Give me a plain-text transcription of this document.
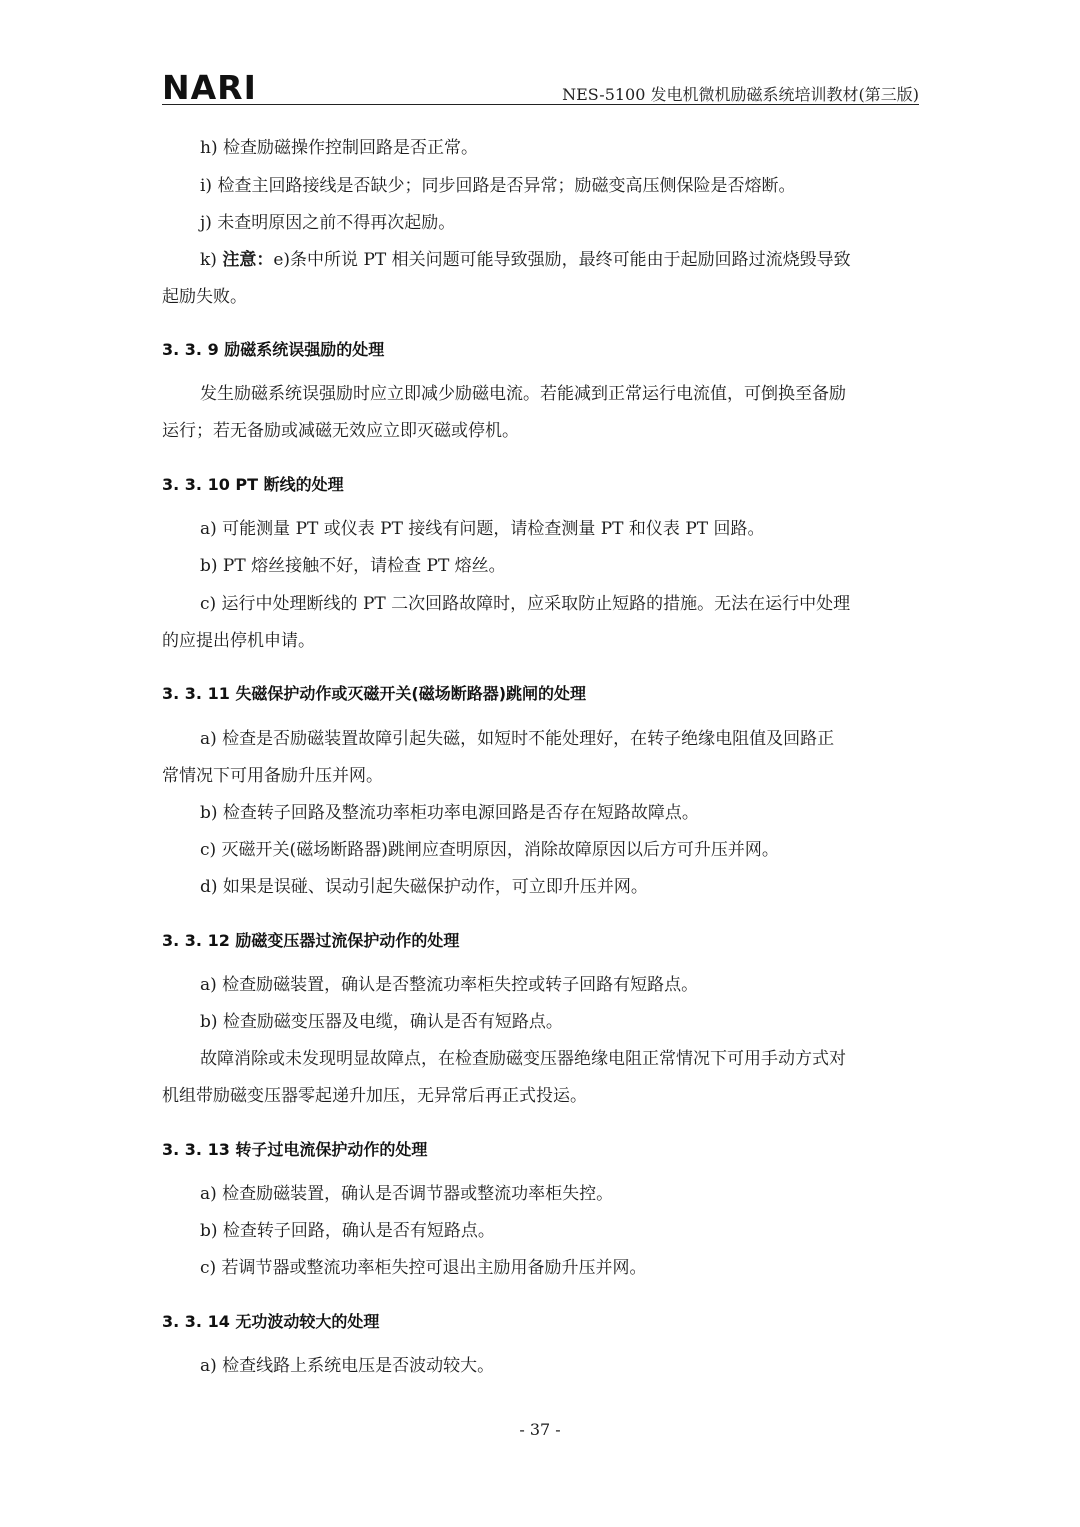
NARI	NES-5100 发电机微机励磁系统培训教材(第三版)
h) 检查励磁操作控制回路是否正常。
i) 检查主回路接线是否缺少；同步回路是否异常；励磁变高压侧保险是否熔断。
j) 未查明原因之前不得再次起励。
k) 注意：e)条中所说 PT 相关问题可能导致强励，最终可能由于起励回路过流烧毁导致
起励失败。
3. 3. 9 励磁系统误强励的处理
发生励磁系统误强励时应立即减少励磁电流。若能减到正常运行电流值，可倒换至备励
运行；若无备励或减磁无效应立即灭磁或停机。
3. 3. 10 PT 断线的处理
a) 可能测量 PT 或仪表 PT 接线有问题，请检查测量 PT 和仪表 PT 回路。
b) PT 熔丝接触不好，请检查 PT 熔丝。
c) 运行中处理断线的 PT 二次回路故障时，应采取防止短路的措施。无法在运行中处理
的应提出停机申请。
3. 3. 11 失磁保护动作或灭磁开关(磁场断路器)跳闸的处理
a) 检查是否励磁装置故障引起失磁，如短时不能处理好，在转子绝缘电阻值及回路正
常情况下可用备励升压并网。
b) 检查转子回路及整流功率柜功率电源回路是否存在短路故障点。
c) 灭磁开关(磁场断路器)跳闸应查明原因，消除故障原因以后方可升压并网。
d) 如果是误碰、误动引起失磁保护动作，可立即升压并网。
3. 3. 12 励磁变压器过流保护动作的处理
a) 检查励磁装置，确认是否整流功率柜失控或转子回路有短路点。
b) 检查励磁变压器及电缆，确认是否有短路点。
故障消除或未发现明显故障点，在检查励磁变压器绝缘电阻正常情况下可用手动方式对
机组带励磁变压器零起递升加压，无异常后再正式投运。
3. 3. 13 转子过电流保护动作的处理
a) 检查励磁装置，确认是否调节器或整流功率柜失控。
b) 检查转子回路，确认是否有短路点。
c) 若调节器或整流功率柜失控可退出主励用备励升压并网。
3. 3. 14 无功波动较大的处理
a) 检查线路上系统电压是否波动较大。
- 37 -
